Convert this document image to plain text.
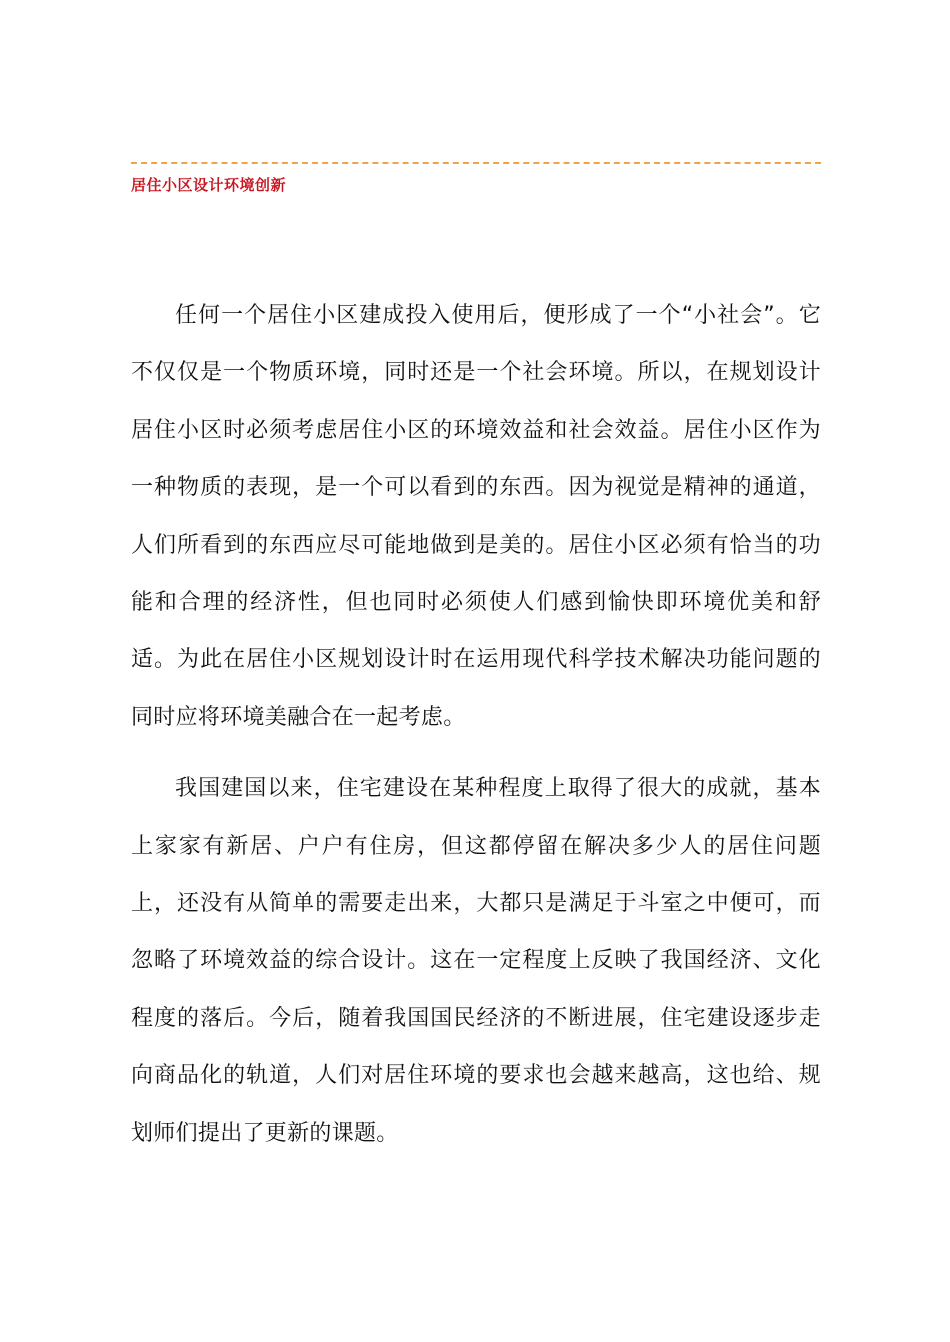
居住小区设计环境创新

任何一个居住小区建成投入使用后，便形成了一个“小社会”。它不仅仅是一个物质环境，同时还是一个社会环境。所以，在规划设计居住小区时必须考虑居住小区的环境效益和社会效益。居住小区作为一种物质的表现，是一个可以看到的东西。因为视觉是精神的通道，人们所看到的东西应尽可能地做到是美的。居住小区必须有恰当的功能和合理的经济性，但也同时必须使人们感到愉快即环境优美和舒适。为此在居住小区规划设计时在运用现代科学技术解决功能问题的同时应将环境美融合在一起考虑。

我国建国以来，住宅建设在某种程度上取得了很大的成就，基本上家家有新居、户户有住房，但这都停留在解决多少人的居住问题上，还没有从简单的需要走出来，大都只是满足于斗室之中便可，而忽略了环境效益的综合设计。这在一定程度上反映了我国经济、文化程度的落后。今后，随着我国国民经济的不断进展，住宅建设逐步走向商品化的轨道，人们对居住环境的要求也会越来越高，这也给、规划师们提出了更新的课题。
